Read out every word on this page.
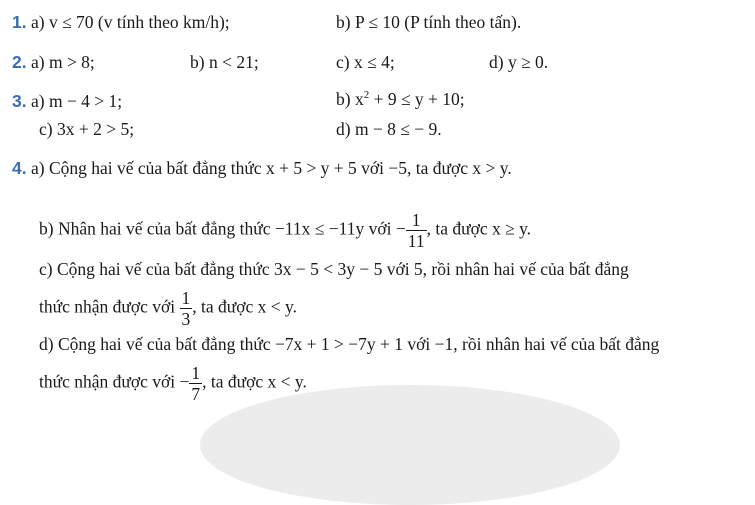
1. a) v ≤ 70 (v tính theo km/h);	b) P ≤ 10 (P tính theo tấn).
2. a) m > 8;	b) n < 21;	c) x ≤ 4;	d) y ≥ 0.
3. a) m − 4 > 1;	b) $x^2 + 9 \le y + 10$;
c) 3x + 2 > 5;	d) m − 8 ≤ − 9.
4. a) Cộng hai vế của bất đẳng thức x + 5 > y + 5 với −5, ta được x > y.
b) Nhân hai vế của bất đẳng thức −11x ≤ −11y với − $\frac{1}{11}$ , ta được x ≥ y.
c) Cộng hai vế của bất đẳng thức 3x − 5 < 3y − 5 với 5, rồi nhân hai vế của bất đẳng
thức nhận được với $\frac{1}{3}$ , ta được x < y.
d) Cộng hai vế của bất đẳng thức −7x + 1 > −7y + 1 với −1, rồi nhân hai vế của bất đẳng
thức nhận được với − $\frac{1}{7}$ , ta được x < y.
